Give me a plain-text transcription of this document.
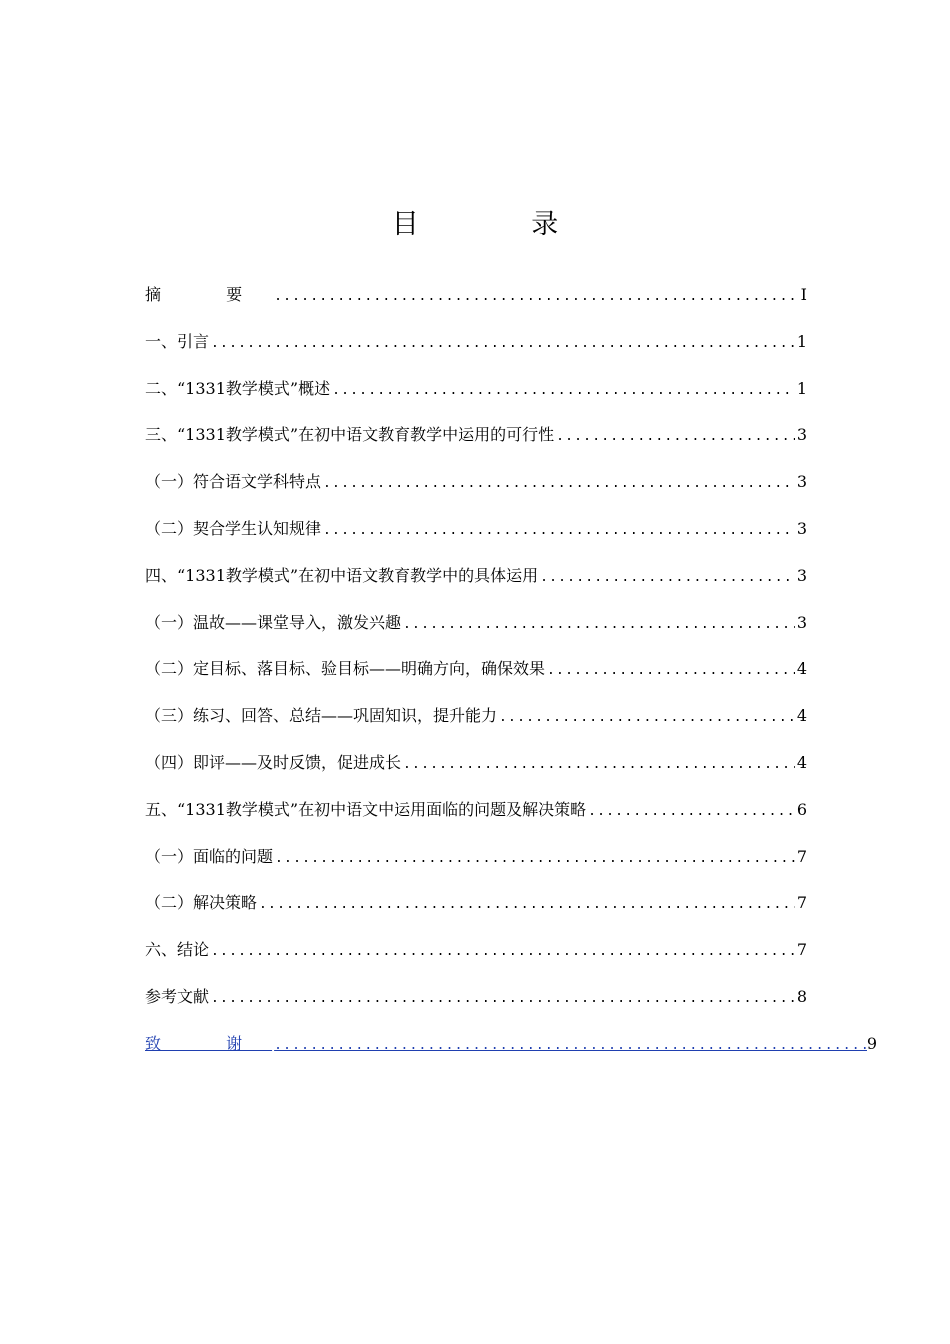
目 录
摘 要 .....	I
一、引言 .....	1
二、“1331教学模式”概述 .....	1
三、“1331教学模式”在初中语文教育教学中运用的可行性 .....	3
（一）符合语文学科特点 .....	3
（二）契合学生认知规律 .....	3
四、“1331教学模式”在初中语文教育教学中的具体运用 .....	3
（一）温故——课堂导入，激发兴趣 .....	3
（二）定目标、落目标、验目标——明确方向，确保效果 .....	4
（三）练习、回答、总结——巩固知识，提升能力 .....	4
（四）即评——及时反馈，促进成长 .....	4
五、“1331教学模式”在初中语文中运用面临的问题及解决策略 .....	6
（一）面临的问题 .....	7
（二）解决策略 .....	7
六、结论 .....	7
参考文献 .....	8
致 谢 .....	9
